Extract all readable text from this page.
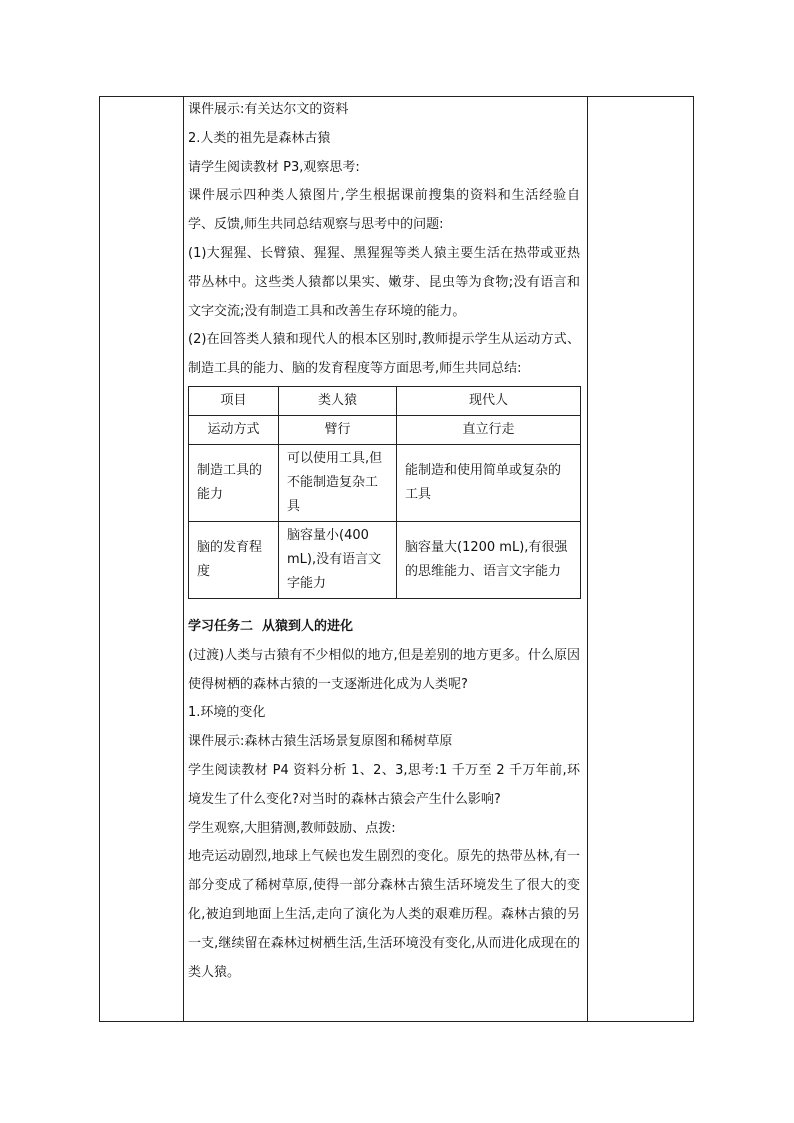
课件展示:有关达尔文的资料

2.人类的祖先是森林古猿

请学生阅读教材 P3,观察思考:

课件展示四种类人猿图片,学生根据课前搜集的资料和生活经验自学、反馈,师生共同总结观察与思考中的问题:

(1)大猩猩、长臂猿、猩猩、黑猩猩等类人猿主要生活在热带或亚热带丛林中。这些类人猿都以果实、嫩芽、昆虫等为食物;没有语言和文字交流;没有制造工具和改善生存环境的能力。

(2)在回答类人猿和现代人的根本区别时,教师提示学生从运动方式、制造工具的能力、脑的发育程度等方面思考,师生共同总结:

项目	类人猿	现代人
运动方式	臂行	直立行走
制造工具的能力	可以使用工具,但不能制造复杂工具	能制造和使用简单或复杂的工具
脑的发育程度	脑容量小(400 mL),没有语言文字能力	脑容量大(1200 mL),有很强的思维能力、语言文字能力

学习任务二  从猿到人的进化

(过渡)人类与古猿有不少相似的地方,但是差别的地方更多。什么原因使得树栖的森林古猿的一支逐渐进化成为人类呢?

1.环境的变化

课件展示:森林古猿生活场景复原图和稀树草原

学生阅读教材 P4 资料分析 1、2、3,思考:1 千万至 2 千万年前,环境发生了什么变化?对当时的森林古猿会产生什么影响?

学生观察,大胆猜测,教师鼓励、点拨:

地壳运动剧烈,地球上气候也发生剧烈的变化。原先的热带丛林,有一部分变成了稀树草原,使得一部分森林古猿生活环境发生了很大的变化,被迫到地面上生活,走向了演化为人类的艰难历程。森林古猿的另一支,继续留在森林过树栖生活,生活环境没有变化,从而进化成现在的类人猿。
